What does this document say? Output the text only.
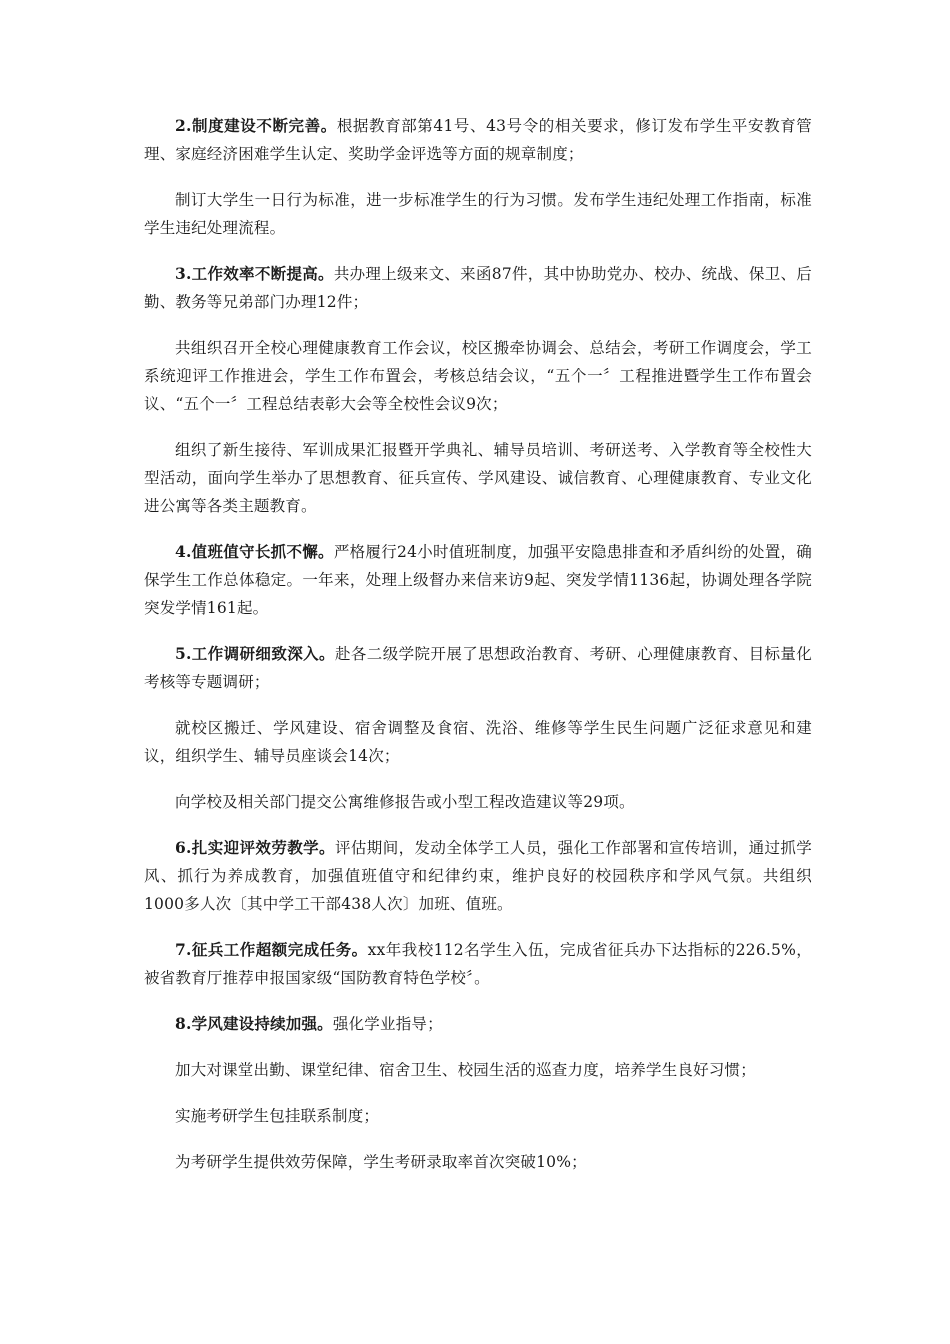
2.制度建设不断完善。根据教育部第41号、43号令的相关要求，修订发布学生平安教育管理、家庭经济困难学生认定、奖助学金评选等方面的规章制度；

制订大学生一日行为标准，进一步标准学生的行为习惯。发布学生违纪处理工作指南，标准学生违纪处理流程。

3.工作效率不断提高。共办理上级来文、来函87件，其中协助党办、校办、统战、保卫、后勤、教务等兄弟部门办理12件；

共组织召开全校心理健康教育工作会议，校区搬牵协调会、总结会，考研工作调度会，学工系统迎评工作推进会，学生工作布置会，考核总结会议，“五个一〞工程推进暨学生工作布置会议、“五个一〞工程总结表彰大会等全校性会议9次；

组织了新生接待、军训成果汇报暨开学典礼、辅导员培训、考研送考、入学教育等全校性大型活动，面向学生举办了思想教育、征兵宣传、学风建设、诚信教育、心理健康教育、专业文化进公寓等各类主题教育。

4.值班值守长抓不懈。严格履行24小时值班制度，加强平安隐患排查和矛盾纠纷的处置，确保学生工作总体稳定。一年来，处理上级督办来信来访9起、突发学情1136起，协调处理各学院突发学情161起。

5.工作调研细致深入。赴各二级学院开展了思想政治教育、考研、心理健康教育、目标量化考核等专题调研；

就校区搬迁、学风建设、宿舍调整及食宿、洗浴、维修等学生民生问题广泛征求意见和建议，组织学生、辅导员座谈会14次；

向学校及相关部门提交公寓维修报告或小型工程改造建议等29项。

6.扎实迎评效劳教学。评估期间，发动全体学工人员，强化工作部署和宣传培训，通过抓学风、抓行为养成教育，加强值班值守和纪律约束，维护良好的校园秩序和学风气氛。共组织1000多人次〔其中学工干部438人次〕加班、值班。

7.征兵工作超额完成任务。xx年我校112名学生入伍，完成省征兵办下达指标的226.5%，被省教育厅推荐申报国家级“国防教育特色学校〞。

8.学风建设持续加强。强化学业指导；

加大对课堂出勤、课堂纪律、宿舍卫生、校园生活的巡查力度，培养学生良好习惯；

实施考研学生包挂联系制度；

为考研学生提供效劳保障，学生考研录取率首次突破10%；
